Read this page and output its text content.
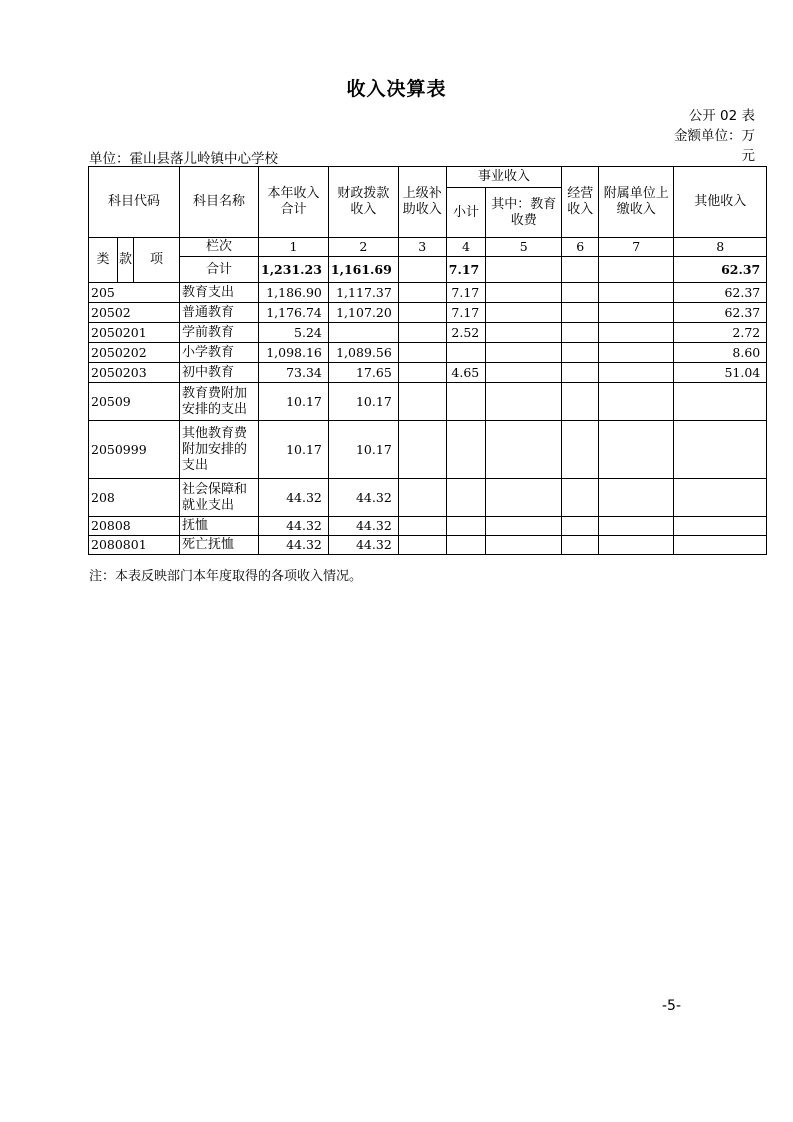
收入决算表
公开 02 表
金额单位：万元
单位：霍山县落儿岭镇中心学校
科目代码			科目名称	本年收入合计	财政拨款收入	上级补助收入	事业收入		经营收入	附属单位上缴收入	其他收入
							小计	其中：教育收费			

类	款	项	栏次	1	2	3	4	5	6	7	8
			合计	1,231.23	1,161.69		7.17				62.37
205			教育支出	1,186.90	1,117.37		7.17				62.37
20502			普通教育	1,176.74	1,107.20		7.17				62.37
2050201			学前教育	5.24			2.52				2.72
2050202			小学教育	1,098.16	1,089.56						8.60
2050203			初中教育	73.34	17.65		4.65				51.04
20509			教育费附加安排的支出	10.17	10.17						
2050999			其他教育费附加安排的支出	10.17	10.17						
208			社会保障和就业支出	44.32	44.32						
20808			抚恤	44.32	44.32						
2080801			死亡抚恤	44.32	44.32						
注：本表反映部门本年度取得的各项收入情况。
-5-
